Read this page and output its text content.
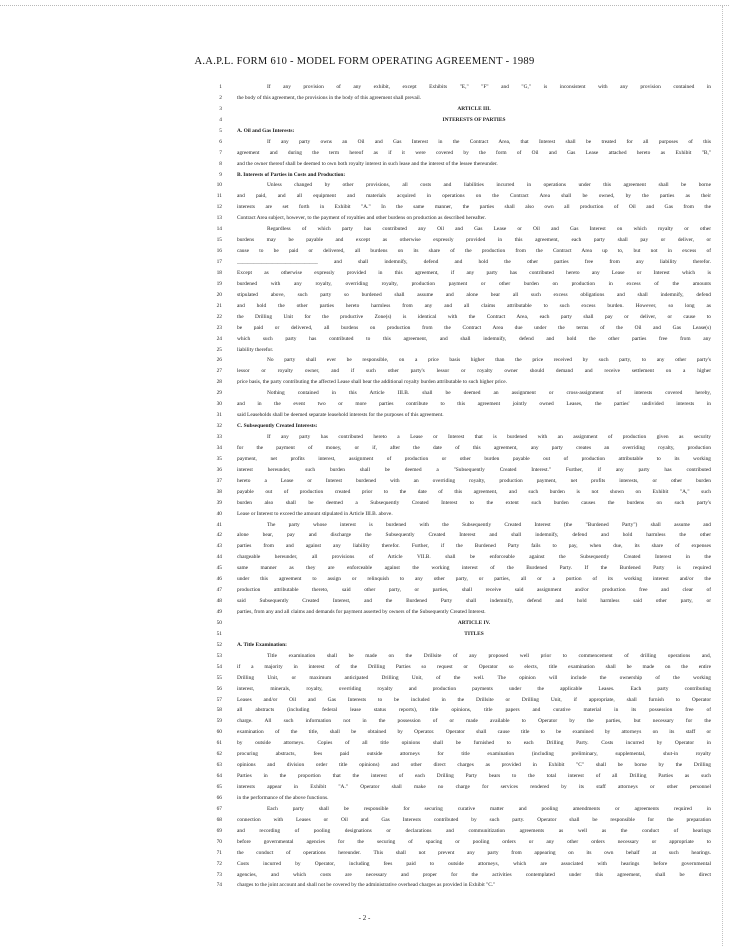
A.A.P.L. FORM 610 - MODEL FORM OPERATING AGREEMENT - 1989
1
2
3
4
5
6
7
8
9
10
11
12
13
14
15
16
17
18
19
20
21
22
23
24
25
26
27
28
29
30
31
32
33
34
35
36
37
38
39
40
41
42
43
44
45
46
47
48
49
50
51
52
53
54
55
56
57
58
59
60
61
62
63
64
65
66
67
68
69
70
71
72
73
74
If any provision of any exhibit, except Exhibits "E," "F" and "G," is inconsistent with any provision contained in
the body of this agreement, the provisions in the body of this agreement shall prevail.
ARTICLE III.
INTERESTS OF PARTIES
A. Oil and Gas Interests:
If any party owns an Oil and Gas Interest in the Contract Area, that Interest shall be treated for all purposes of this
agreement and during the term hereof as if it were covered by the form of Oil and Gas Lease attached hereto as Exhibit "B,"
and the owner thereof shall be deemed to own both royalty interest in such lease and the interest of the lessee thereunder.
B. Interests of Parties in Costs and Production:
Unless changed by other provisions, all costs and liabilities incurred in operations under this agreement shall be borne
and paid, and all equipment and materials acquired in operations on the Contract Area shall be owned, by the parties as their
interests are set forth in Exhibit "A." In the same manner, the parties shall also own all production of Oil and Gas from the
Contract Area subject, however, to the payment of royalties and other burdens on production as described hereafter.
Regardless of which party has contributed any Oil and Gas Lease or Oil and Gas Interest on which royalty or other
burdens may be payable and except as otherwise expressly provided in this agreement, each party shall pay or deliver, or
cause to be paid or delivered, all burdens on its share of the production from the Contract Area up to, but not in excess of
______________________________ and shall indemnify, defend and hold the other parties free from any liability therefor.
Except as otherwise expressly provided in this agreement, if any party has contributed hereto any Lease or Interest which is
burdened with any royalty, overriding royalty, production payment or other burden on production in excess of the amounts
stipulated above, such party so burdened shall assume and alone bear all such excess obligations and shall indemnify, defend
and hold the other parties hereto harmless from any and all claims attributable to such excess burden. However, so long as
the Drilling Unit for the productive Zone(s) is identical with the Contract Area, each party shall pay or deliver, or cause to
be paid or delivered, all burdens on production from the Contract Area due under the terms of the Oil and Gas Lease(s)
which such party has contributed to this agreement, and shall indemnify, defend and hold the other parties free from any
liability therefor.
No party shall ever be responsible, on a price basis higher than the price received by such party, to any other party's
lessor or royalty owner, and if such other party's lessor or royalty owner should demand and receive settlement on a higher
price basis, the party contributing the affected Lease shall bear the additional royalty burden attributable to such higher price.
Nothing contained in this Article III.B. shall be deemed an assignment or cross-assignment of interests covered hereby,
and in the event two or more parties contribute to this agreement jointly owned Leases, the parties' undivided interests in
said Leaseholds shall be deemed separate leasehold interests for the purposes of this agreement.
C. Subsequently Created Interests:
If any party has contributed hereto a Lease or Interest that is burdened with an assignment of production given as security
for the payment of money, or if, after the date of this agreement, any party creates an overriding royalty, production
payment, net profits interest, assignment of production or other burden payable out of production attributable to its working
interest hereunder, such burden shall be deemed a "Subsequently Created Interest." Further, if any party has contributed
hereto a Lease or Interest burdened with an overriding royalty, production payment, net profits interests, or other burden
payable out of production created prior to the date of this agreement, and such burden is not shown on Exhibit "A," such
burden also shall be deemed a Subsequently Created Interest to the extent such burden causes the burdens on such party's
Lease or Interest to exceed the amount stipulated in Article III.B. above.
The party whose interest is burdened with the Subsequently Created Interest (the "Burdened Party") shall assume and
alone bear, pay and discharge the Subsequently Created Interest and shall indemnify, defend and hold harmless the other
parties from and against any liability therefor. Further, if the Burdened Party fails to pay, when due, its share of expenses
chargeable hereunder, all provisions of Article VII.B. shall be enforceable against the Subsequently Created Interest in the
same manner as they are enforceable against the working interest of the Burdened Party. If the Burdened Party is required
under this agreement to assign or relinquish to any other party, or parties, all or a portion of its working interest and/or the
production attributable thereto, said other party, or parties, shall receive said assignment and/or production free and clear of
said Subsequently Created Interest, and the Burdened Party shall indemnify, defend and hold harmless said other party, or
parties, from any and all claims and demands for payment asserted by owners of the Subsequently Created Interest.
ARTICLE IV.
TITLES
A. Title Examination:
Title examination shall be made on the Drillsite of any proposed well prior to commencement of drilling operations and,
if a majority in interest of the Drilling Parties so request or Operator so elects, title examination shall be made on the entire
Drilling Unit, or maximum anticipated Drilling Unit, of the well. The opinion will include the ownership of the working
interest, minerals, royalty, overriding royalty and production payments under the applicable Leases. Each party contributing
Leases and/or Oil and Gas Interests to be included in the Drillsite or Drilling Unit, if appropriate, shall furnish to Operator
all abstracts (including federal lease status reports), title opinions, title papers and curative material in its possession free of
charge. All such information not in the possession of or made available to Operator by the parties, but necessary for the
examination of the title, shall be obtained by Operator. Operator shall cause title to be examined by attorneys on its staff or
by outside attorneys. Copies of all title opinions shall be furnished to each Drilling Party. Costs incurred by Operator in
procuring abstracts, fees paid outside attorneys for title examination (including preliminary, supplemental, shut-in royalty
opinions and division order title opinions) and other direct charges as provided in Exhibit "C" shall be borne by the Drilling
Parties in the proportion that the interest of each Drilling Party bears to the total interest of all Drilling Parties as such
interests appear in Exhibit "A." Operator shall make no charge for services rendered by its staff attorneys or other personnel
in the performance of the above functions.
Each party shall be responsible for securing curative matter and pooling amendments or agreements required in
connection with Leases or Oil and Gas Interests contributed by such party. Operator shall be responsible for the preparation
and recording of pooling designations or declarations and communitization agreements as well as the conduct of hearings
before governmental agencies for the securing of spacing or pooling orders or any other orders necessary or appropriate to
the conduct of operations hereunder. This shall not prevent any party from appearing on its own behalf at such hearings.
Costs incurred by Operator, including fees paid to outside attorneys, which are associated with hearings before governmental
agencies, and which costs are necessary and proper for the activities contemplated under this agreement, shall be direct
charges to the joint account and shall not be covered by the administrative overhead charges as provided in Exhibit "C."
- 2 -
